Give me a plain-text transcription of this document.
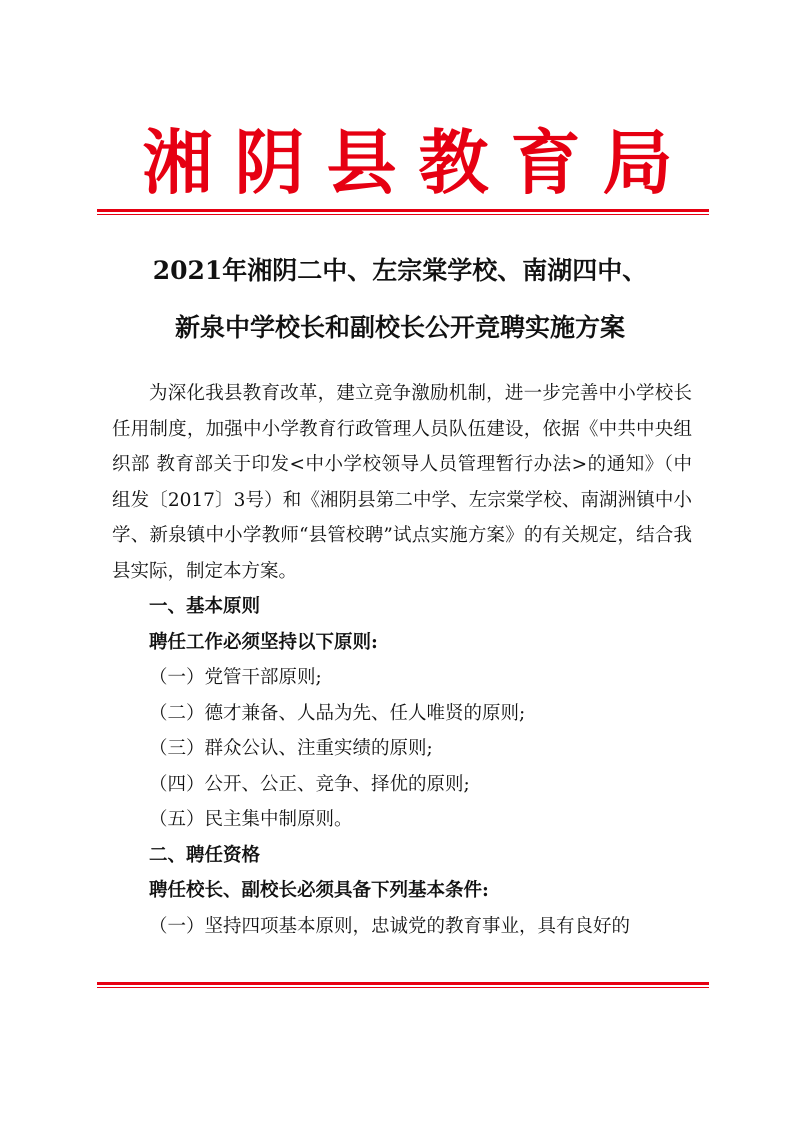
湘阴县教育局
2021年湘阴二中、左宗棠学校、南湖四中、
新泉中学校长和副校长公开竞聘实施方案

为深化我县教育改革，建立竞争激励机制，进一步完善中小学校长任用制度，加强中小学教育行政管理人员队伍建设，依据《中共中央组织部 教育部关于印发<中小学校领导人员管理暂行办法>的通知》（中组发〔2017〕3号）和《湘阴县第二中学、左宗棠学校、南湖洲镇中小学、新泉镇中小学教师“县管校聘”试点实施方案》的有关规定，结合我县实际，制定本方案。

一、基本原则

聘任工作必须坚持以下原则:

（一）党管干部原则;

（二）德才兼备、人品为先、任人唯贤的原则;

（三）群众公认、注重实绩的原则;

（四）公开、公正、竞争、择优的原则;

（五）民主集中制原则。

二、聘任资格

聘任校长、副校长必须具备下列基本条件:

（一）坚持四项基本原则，忠诚党的教育事业，具有良好的
